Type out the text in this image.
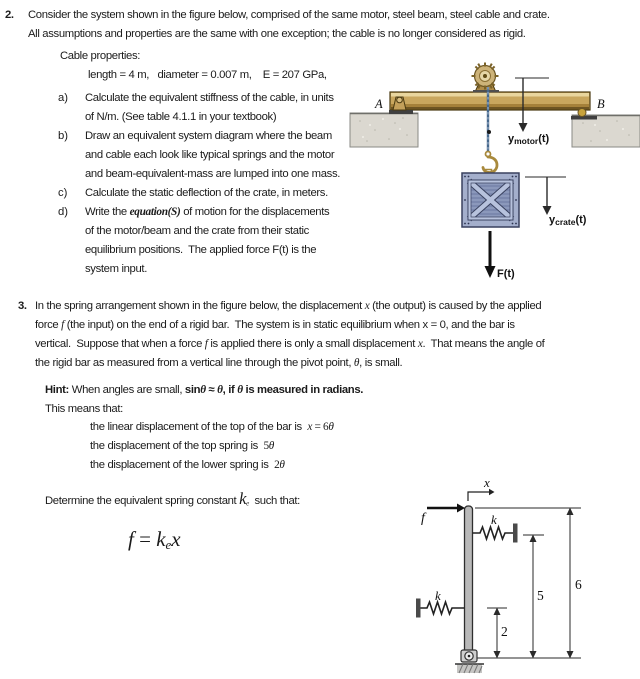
2. Consider the system shown in the figure below, comprised of the same motor, steel beam, steel cable and crate.
All assumptions and properties are the same with one exception; the cable is no longer considered as rigid.
Cable properties:
length = 4 m,   diameter = 0.007 m,    E = 207 GPa,
a) Calculate the equivalent stiffness of the cable, in units
of N/m. (See table 4.1.1 in your textbook)
b) Draw an equivalent system diagram where the beam
and cable each look like typical springs and the motor
and beam-equivalent-mass are lumped into one mass.
c) Calculate the static deflection of the crate, in meters.
d) Write the equation(S) of motion for the displacements
of the motor/beam and the crate from their static
equilibrium positions.  The applied force F(t) is the
system input.
3. In the spring arrangement shown in the figure below, the displacement x (the output) is caused by the applied
force f (the input) on the end of a rigid bar.  The system is in static equilibrium when x = 0, and the bar is
vertical.  Suppose that when a force f is applied there is only a small displacement x.  That means the angle of
the rigid bar as measured from a vertical line through the pivot point, θ, is small.
Hint: When angles are small, sinθ ≈ θ, if θ is measured in radians.
This means that:
the linear displacement of the top of the bar is  x = 6θ
the displacement of the top spring is  5θ
the displacement of the lower spring is  2θ
Determine the equivalent spring constant ke  such that:
f = kex
A	B
ymotor(t)
ycrate(t)
F(t)
6
5
2
x
f	k
k
